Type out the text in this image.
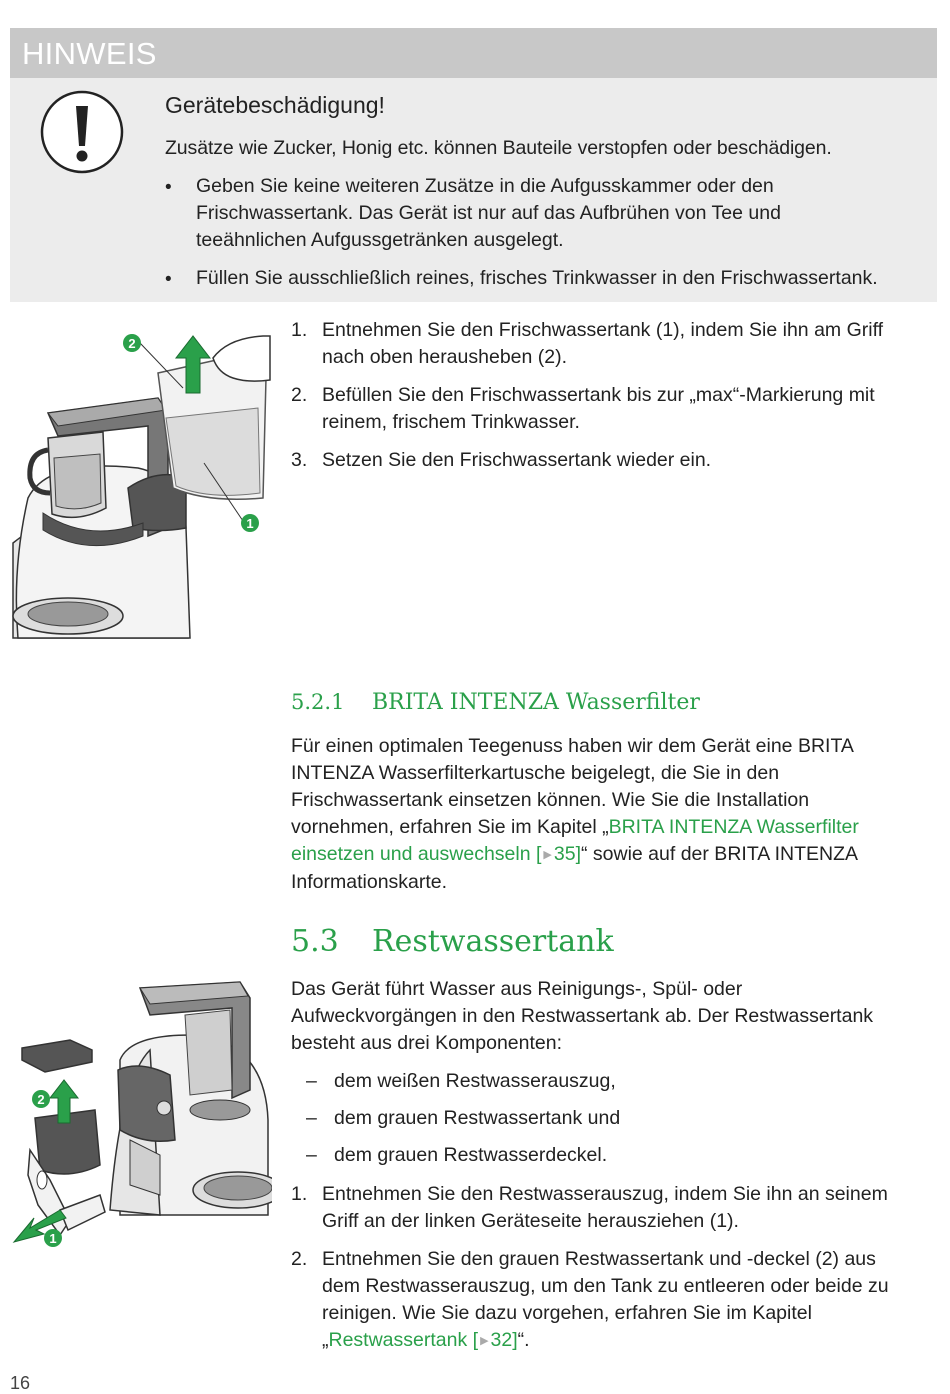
HINWEIS
Gerätebeschädigung!
Zusätze wie Zucker, Honig etc. können Bauteile verstopfen oder beschädigen.
• Geben Sie keine weiteren Zusätze in die Aufgusskammer oder den
Frischwassertank. Das Gerät ist nur auf das Aufbrühen von Tee und
teeähnlichen Aufgussgetränken ausgelegt.
• Füllen Sie ausschließlich reines, frisches Trinkwasser in den Frischwassertank.
2
1
1. Entnehmen Sie den Frischwassertank (1), indem Sie ihn am Griff
nach oben herausheben (2).
2. Befüllen Sie den Frischwassertank bis zur „max“-Markierung mit
reinem, frischem Trinkwasser.
3. Setzen Sie den Frischwassertank wieder ein.
5.2.1 BRITA INTENZA Wasserfilter
Für einen optimalen Teegenuss haben wir dem Gerät eine BRITA
INTENZA Wasserfilterkartusche beigelegt, die Sie in den
Frischwassertank einsetzen können. Wie Sie die Installation
vornehmen, erfahren Sie im Kapitel „BRITA INTENZA Wasserfilter
einsetzen und auswechseln [ ▶ 35]“ sowie auf der BRITA INTENZA
Informationskarte.
5.3 Restwassertank
Das Gerät führt Wasser aus Reinigungs-, Spül- oder
Aufweckvorgängen in den Restwassertank ab. Der Restwassertank
besteht aus drei Komponenten:
– dem weißen Restwasserauszug,
– dem grauen Restwassertank und
– dem grauen Restwasserdeckel.
1. Entnehmen Sie den Restwasserauszug, indem Sie ihn an seinem
Griff an der linken Geräteseite herausziehen (1).
2. Entnehmen Sie den grauen Restwassertank und -deckel (2) aus
dem Restwasserauszug, um den Tank zu entleeren oder beide zu
reinigen. Wie Sie dazu vorgehen, erfahren Sie im Kapitel
„Restwassertank [ ▶ 32]“.
2
1
16
